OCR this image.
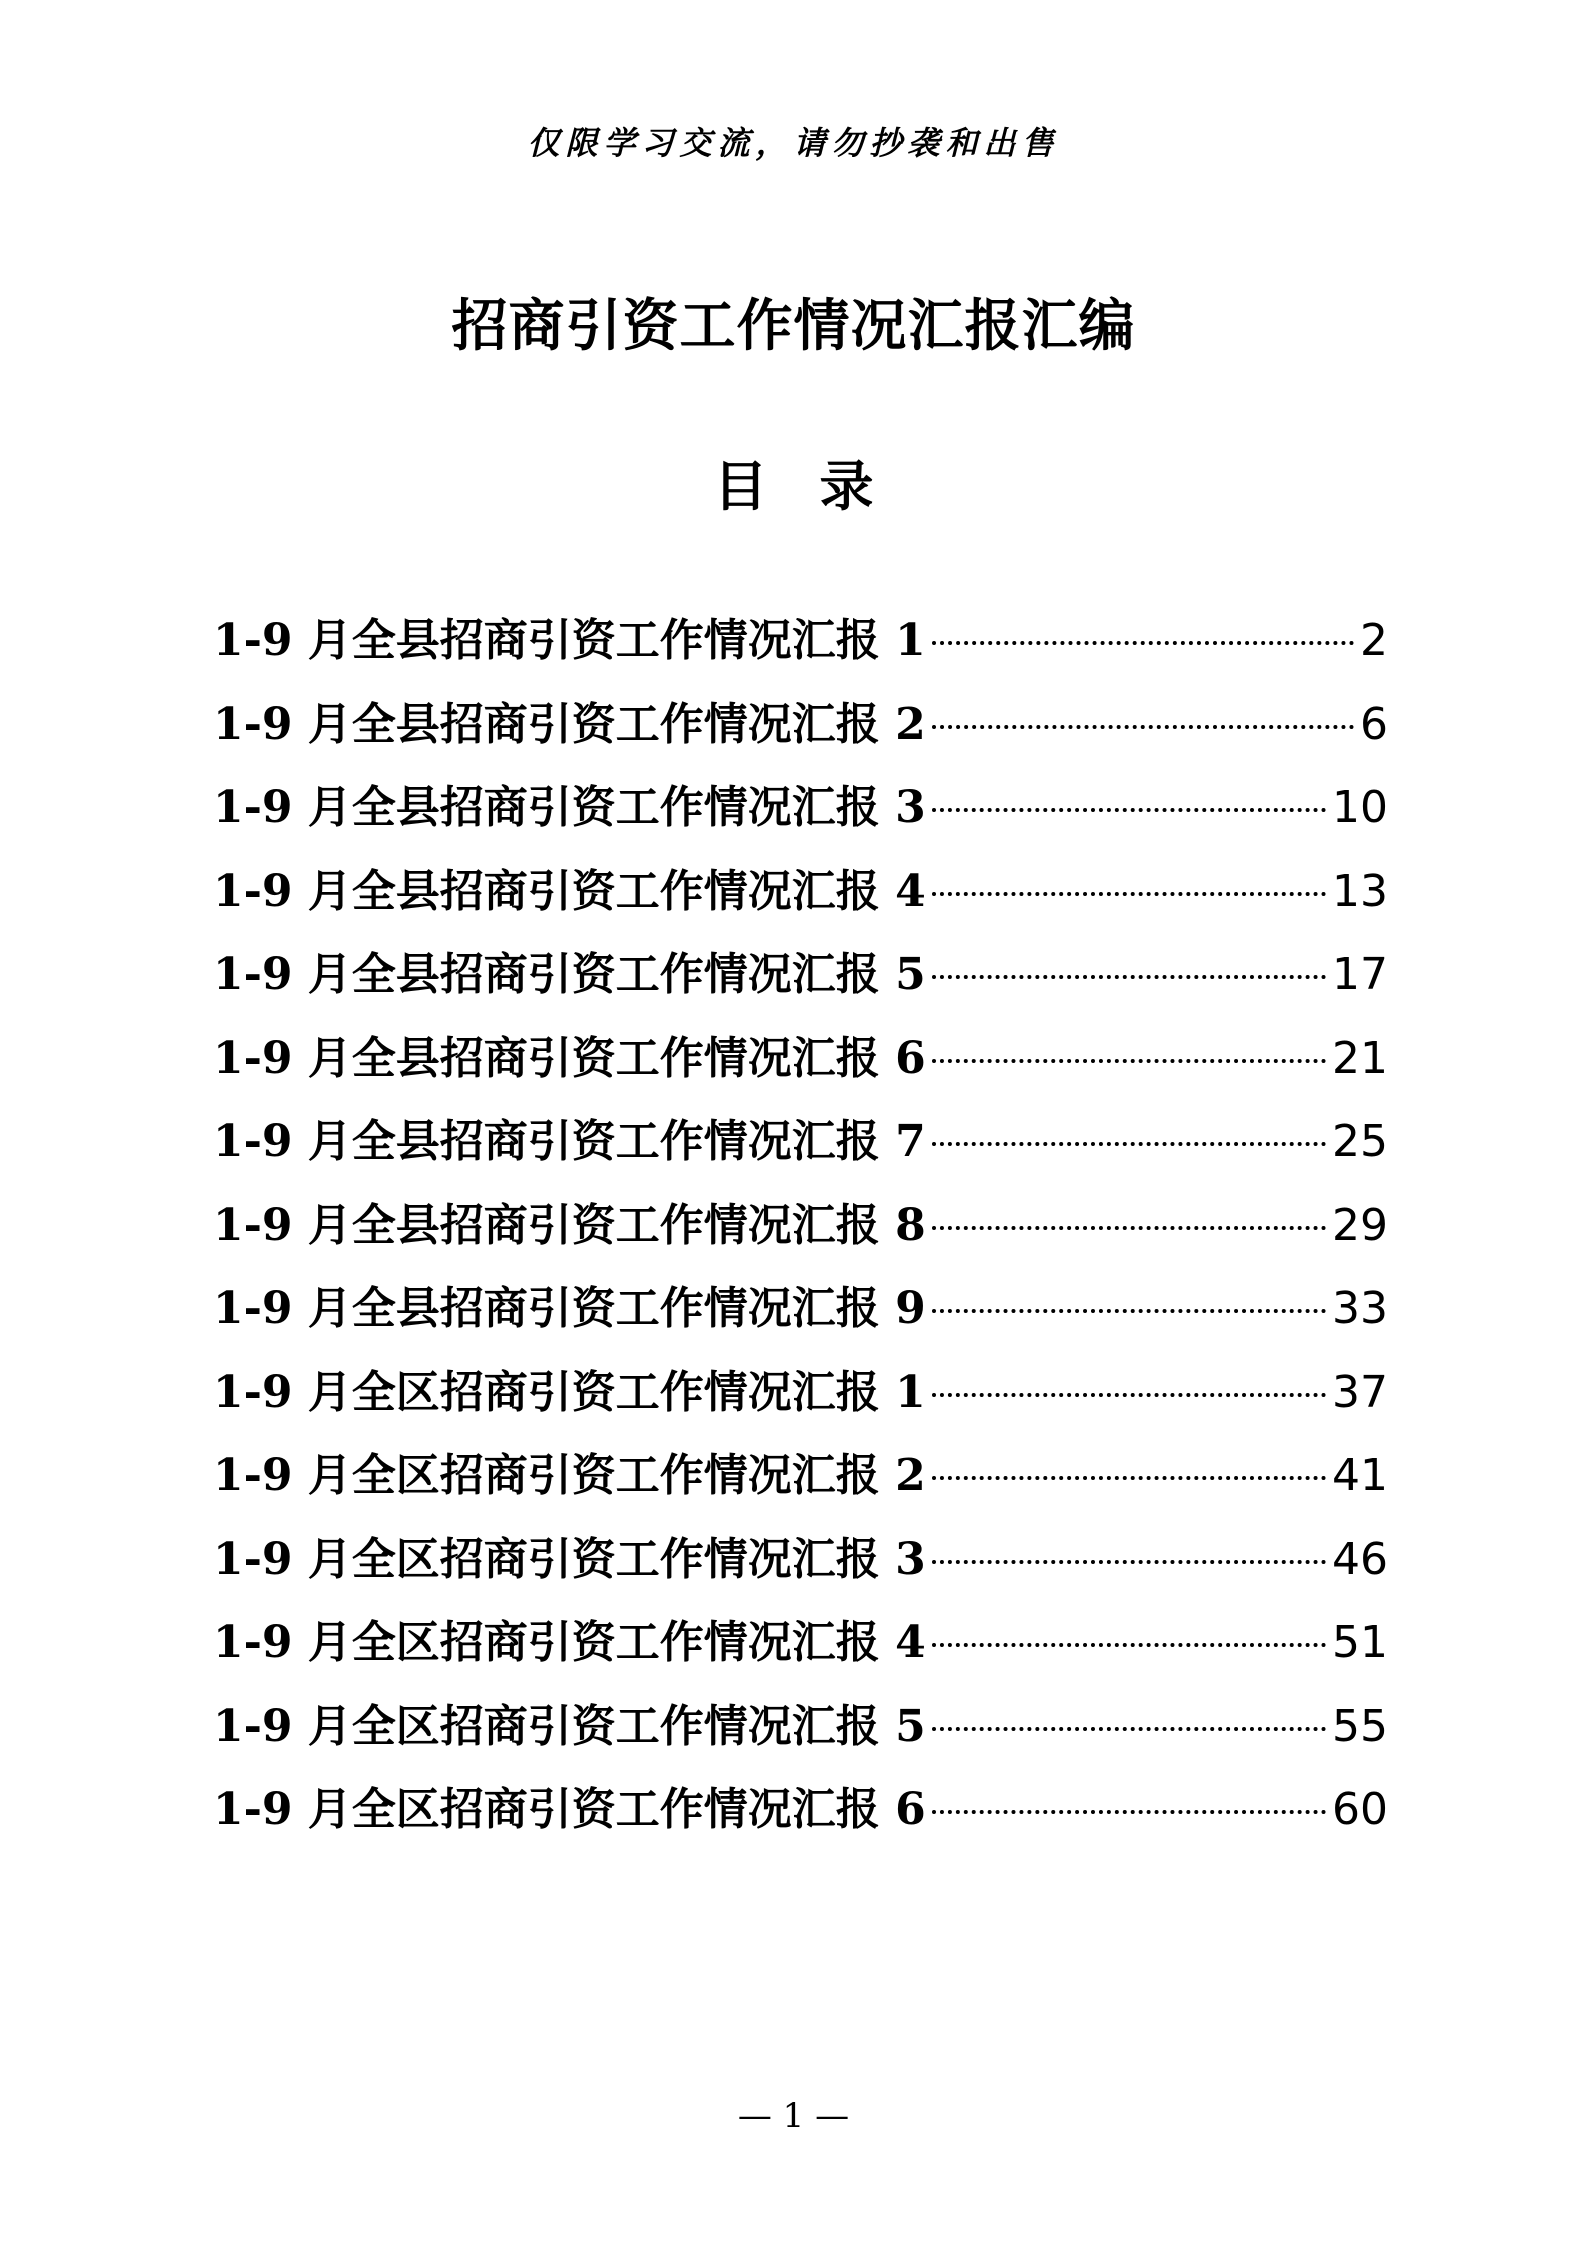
仅限学习交流，请勿抄袭和出售
招商引资工作情况汇报汇编
目 录
1-9 月全县招商引资工作情况汇报 1	2
1-9 月全县招商引资工作情况汇报 2	6
1-9 月全县招商引资工作情况汇报 3	10
1-9 月全县招商引资工作情况汇报 4	13
1-9 月全县招商引资工作情况汇报 5	17
1-9 月全县招商引资工作情况汇报 6	21
1-9 月全县招商引资工作情况汇报 7	25
1-9 月全县招商引资工作情况汇报 8	29
1-9 月全县招商引资工作情况汇报 9	33
1-9 月全区招商引资工作情况汇报 1	37
1-9 月全区招商引资工作情况汇报 2	41
1-9 月全区招商引资工作情况汇报 3	46
1-9 月全区招商引资工作情况汇报 4	51
1-9 月全区招商引资工作情况汇报 5	55
1-9 月全区招商引资工作情况汇报 6	60
— 1 —
